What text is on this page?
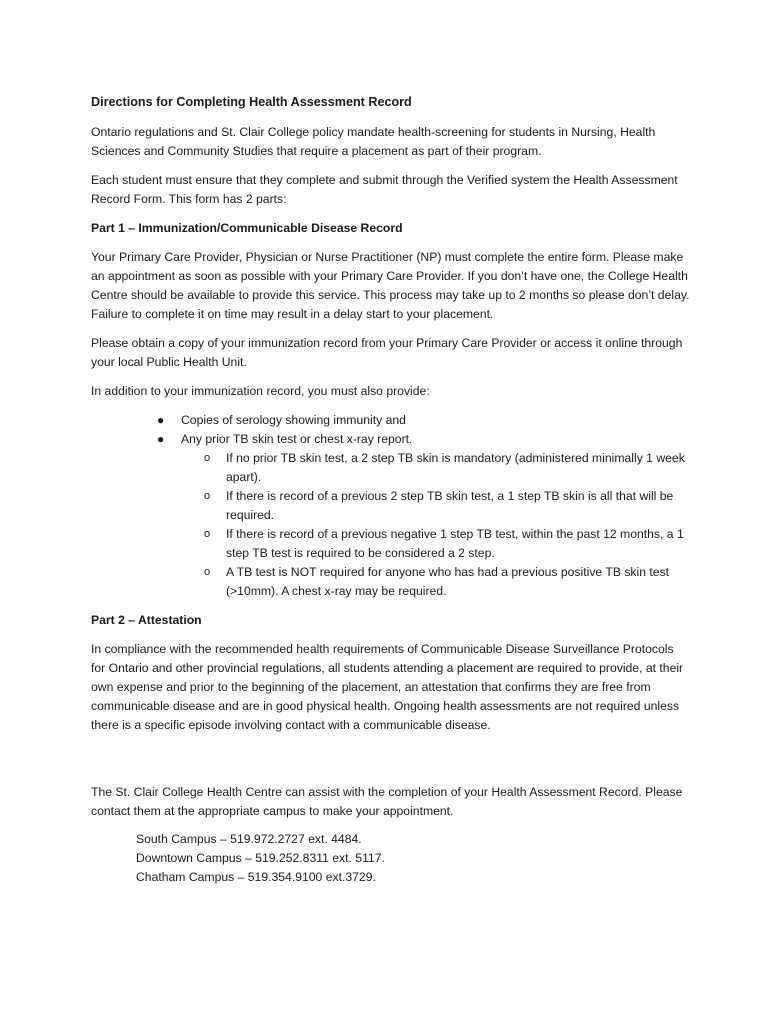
Directions for Completing Health Assessment Record

Ontario regulations and St. Clair College policy mandate health-screening for students in Nursing, Health Sciences and Community Studies that require a placement as part of their program.

Each student must ensure that they complete and submit through the Verified system the Health Assessment Record Form. This form has 2 parts:

Part 1 – Immunization/Communicable Disease Record

Your Primary Care Provider, Physician or Nurse Practitioner (NP) must complete the entire form. Please make an appointment as soon as possible with your Primary Care Provider. If you don’t have one, the College Health Centre should be available to provide this service. This process may take up to 2 months so please don’t delay. Failure to complete it on time may result in a delay start to your placement.

Please obtain a copy of your immunization record from your Primary Care Provider or access it online through your local Public Health Unit.

In addition to your immunization record, you must also provide:

● Copies of serology showing immunity and
● Any prior TB skin test or chest x-ray report.
o If no prior TB skin test, a 2 step TB skin is mandatory (administered minimally 1 week apart).
o If there is record of a previous 2 step TB skin test, a 1 step TB skin is all that will be required.
o If there is record of a previous negative 1 step TB test, within the past 12 months, a 1 step TB test is required to be considered a 2 step.
o A TB test is NOT required for anyone who has had a previous positive TB skin test (>10mm). A chest x-ray may be required.
Part 2 – Attestation

In compliance with the recommended health requirements of Communicable Disease Surveillance Protocols for Ontario and other provincial regulations, all students attending a placement are required to provide, at their own expense and prior to the beginning of the placement, an attestation that confirms they are free from communicable disease and are in good physical health. Ongoing health assessments are not required unless there is a specific episode involving contact with a communicable disease.

The St. Clair College Health Centre can assist with the completion of your Health Assessment Record. Please contact them at the appropriate campus to make your appointment.

South Campus – 519.972.2727 ext. 4484.
Downtown Campus – 519.252.8311 ext. 5117.
Chatham Campus – 519.354.9100 ext.3729.
